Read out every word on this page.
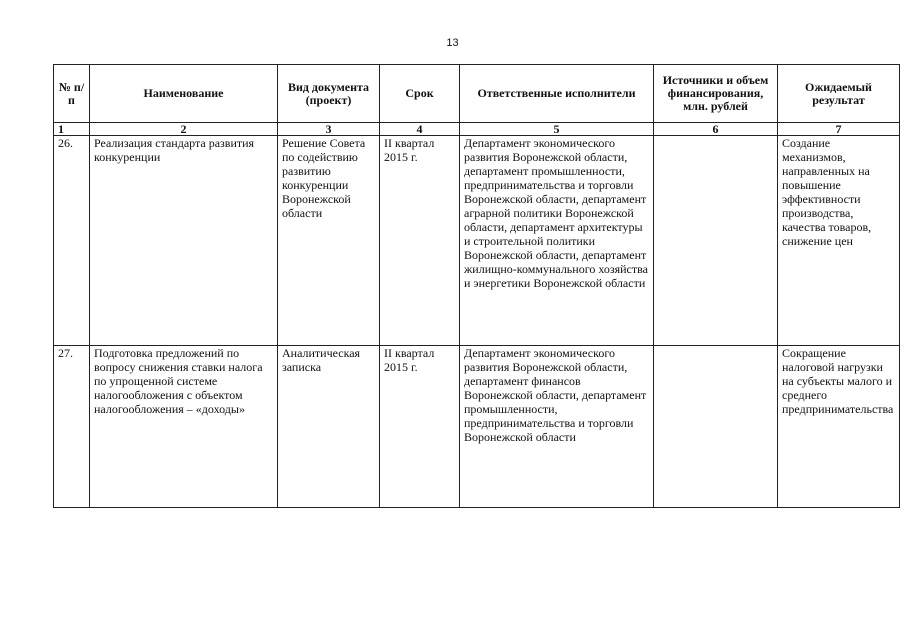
13
№ п/п	Наименование	Вид документа (проект)	Срок	Ответственные исполнители	Источники и объем финансирования, млн. рублей	Ожидаемый результат
1	2	3	4	5	6	7
26.	Реализация стандарта развития конкуренции	Решение Совета по содействию развитию конкуренции Воронежской области	II квартал 2015 г.	Департамент экономического развития Воронежской области, департамент промышленности, предпринимательства и торговли Воронежской области, департамент аграрной политики Воронежской области, департамент архитектуры и строительной политики Воронежской области, департамент жилищно-коммунального хозяйства и энергетики Воронежской области		Создание механизмов, направленных на повышение эффективности производства, качества товаров, снижение цен
27.	Подготовка предложений по вопросу снижения ставки налога по упрощенной системе налогообложения с объектом налогообложения – «доходы»	Аналитическая записка	II квартал 2015 г.	Департамент экономического развития Воронежской области, департамент финансов Воронежской области, департамент промышленности, предпринимательства и торговли Воронежской области		Сокращение налоговой нагрузки на субъекты малого и среднего предпринимательства
